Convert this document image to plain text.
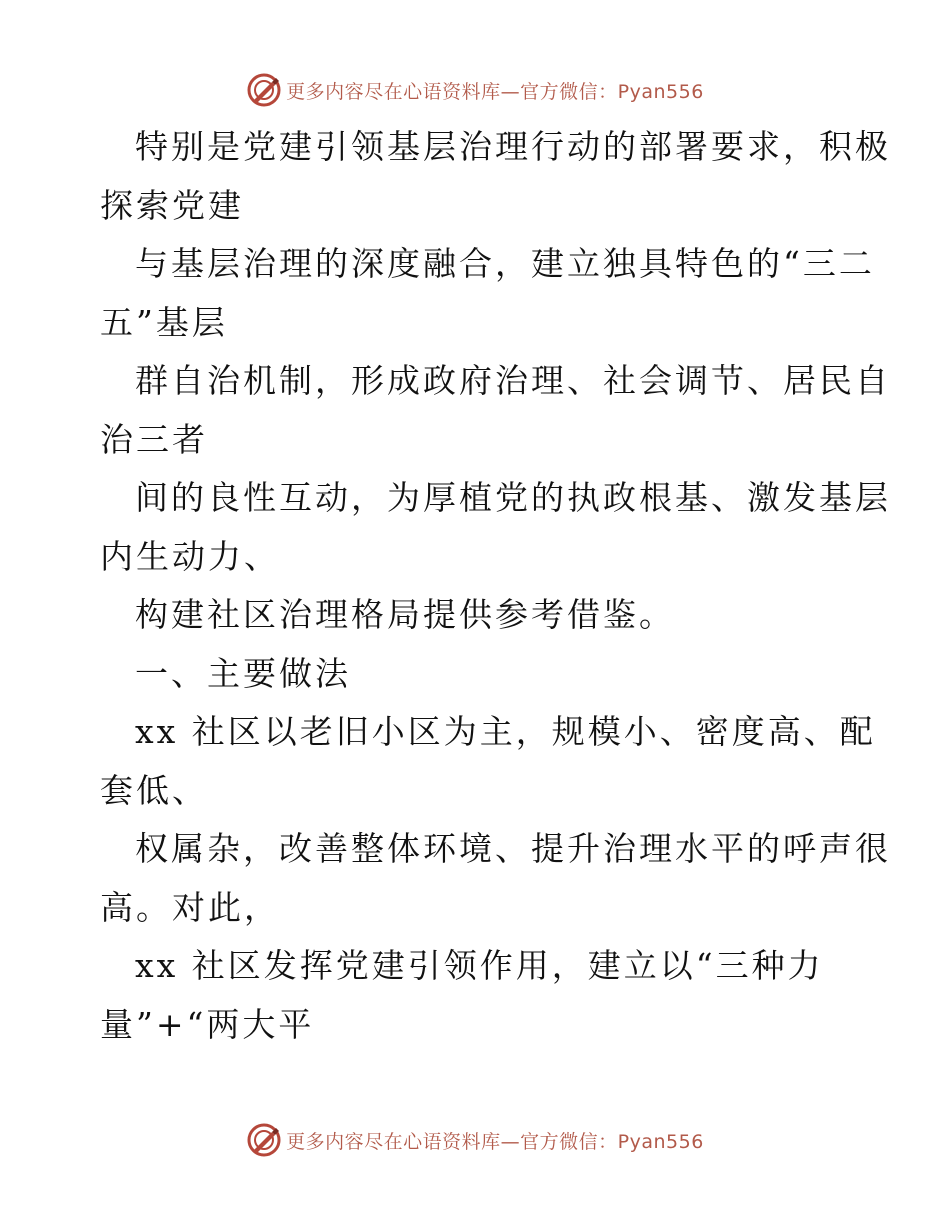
更多内容尽在心语资料库—官方微信：Pyan556
特别是党建引领基层治理行动的部署要求，积极
探索党建
与基层治理的深度融合，建立独具特色的“三二
五”基层
群自治机制，形成政府治理、社会调节、居民自
治三者
间的良性互动，为厚植党的执政根基、激发基层
内生动力、
构建社区治理格局提供参考借鉴。
一、主要做法
xx 社区以老旧小区为主，规模小、密度高、配
套低、
权属杂，改善整体环境、提升治理水平的呼声很
高。对此，
xx 社区发挥党建引领作用，建立以“三种力
量”+“两大平
更多内容尽在心语资料库—官方微信：Pyan556
